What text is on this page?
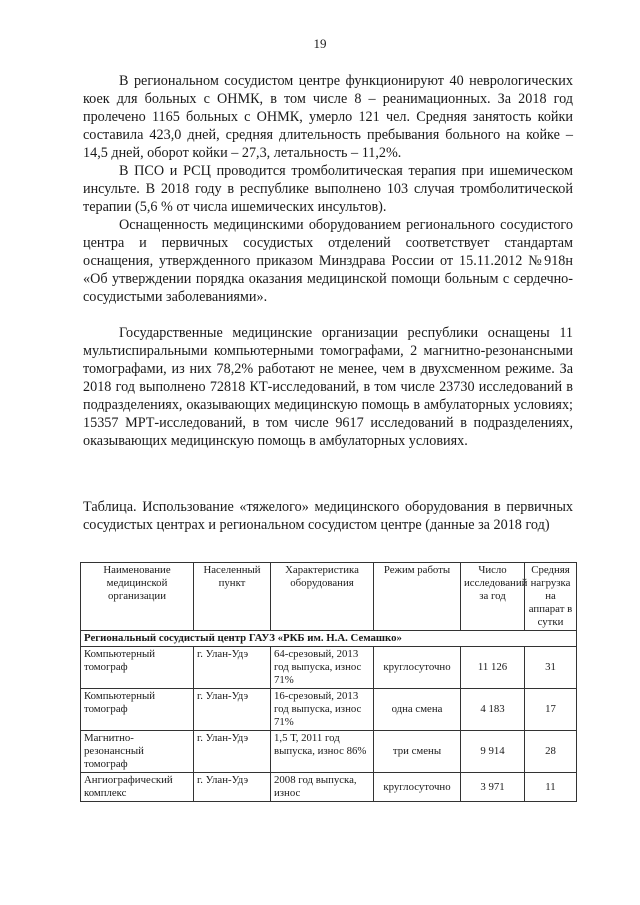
19

В региональном сосудистом центре функционируют 40 неврологических коек для больных с ОНМК, в том числе 8 – реанимационных. За 2018 год пролечено 1165 больных с ОНМК, умерло 121 чел. Средняя занятость койки составила 423,0 дней, средняя длительность пребывания больного на койке – 14,5 дней, оборот койки – 27,3, летальность – 11,2%.

В ПСО и РСЦ проводится тромболитическая терапия при ишемическом инсульте. В 2018 году в республике выполнено 103 случая тромболитической терапии (5,6 % от числа ишемических инсультов).

Оснащенность медицинскими оборудованием регионального сосудистого центра и первичных сосудистых отделений соответствует стандартам оснащения, утвержденного приказом Минздрава России от 15.11.2012 №918н «Об утверждении порядка оказания медицинской помощи больным с сердечно-сосудистыми заболеваниями».

Государственные медицинские организации республики оснащены 11 мультиспиральными компьютерными томографами, 2 магнитно-резонансными томографами, из них 78,2% работают не менее, чем в двухсменном режиме. За 2018 год выполнено 72818 КТ-исследований, в том числе 23730 исследований в подразделениях, оказывающих медицинскую помощь в амбулаторных условиях; 15357 МРТ-исследований, в том числе 9617 исследований в подразделениях, оказывающих медицинскую помощь в амбулаторных условиях.

Таблица. Использование «тяжелого» медицинского оборудования в первичных сосудистых центрах и региональном сосудистом центре (данные за 2018 год)

Наименование медицинской организации	Населенный пункт	Характеристика оборудования	Режим работы	Число исследований за год	Средняя нагрузка на аппарат в сутки
Региональный сосудистый центр ГАУЗ «РКБ им. Н.А. Семашко»					
Компьютерный томограф	г. Улан-Удэ	64-срезовый, 2013 год выпуска, износ 71%	круглосуточно	11 126	31
Компьютерный томограф	г. Улан-Удэ	16-срезовый, 2013 год выпуска, износ 71%	одна смена	4 183	17
Магнитно-резонансный томограф	г. Улан-Удэ	1,5 Т, 2011 год выпуска, износ 86%	три смены	9 914	28
Ангиографический комплекс	г. Улан-Удэ	2008 год выпуска, износ	круглосуточно	3 971	11
